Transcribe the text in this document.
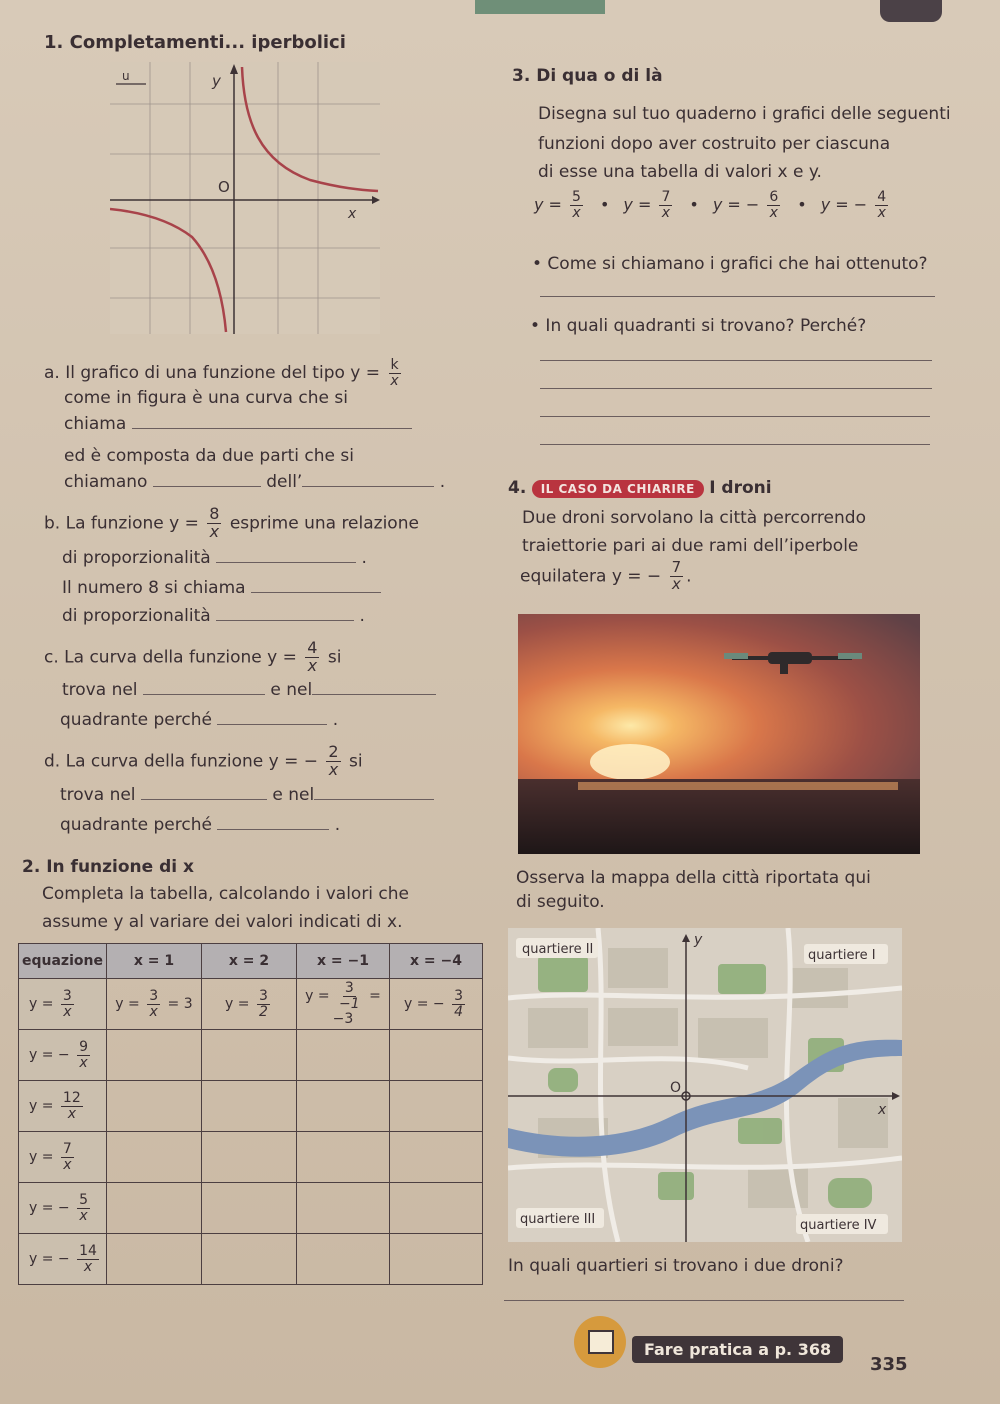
1. Completamenti... iperbolici
O
x
y
u
a. Il grafico di una funzione del tipo $y = \frac{k}{x}$
come in figura è una curva che si
chiama
ed è composta da due parti che si
chiamano	dell’	.
b. La funzione $y = \frac{8}{x}$ esprime una relazione
di proporzionalità	.
Il numero 8 si chiama
di proporzionalità	.
c. La curva della funzione $y = \frac{4}{x}$ si
trova nel	e nel
quadrante perché	.
d. La curva della funzione y = − $\frac{2}{x}$ si
trova nel	e nel
quadrante perché	.
2. In funzione di x
Completa la tabella, calcolando i valori che
assume y al variare dei valori indicati di x.
equazione	x = 1	x = 2	x = −1	x = −4
$y = \frac{3}{x}$	$y = \frac{3}{x} = 3$	$y = \frac{3}{2}$	$y = \frac{3}{-1} = -3$	y = − $\frac{3}{4}$

y = − $\frac{9}{x}$

$y = \frac{12}{x}$

$y = \frac{7}{x}$

y = − $\frac{5}{x}$

y = − $\frac{14}{x}$

3. Di qua o di là
Disegna sul tuo quaderno i grafici delle seguenti
funzioni dopo aver costruito per ciascuna
di esse una tabella di valori x e y.
$y = \frac{5}{x}$ • $y = \frac{7}{x}$ • y = − $\frac{6}{x}$ • y = − $\frac{4}{x}$
• Come si chiamano i grafici che hai ottenuto?
• In quali quadranti si trovano? Perché?
4. IL CASO DA CHIARIRE I droni
Due droni sorvolano la città percorrendo
traiettorie pari ai due rami dell’iperbole
equilatera y = − $\frac{7}{x}$ .
Osserva la mappa della città riportata qui
di seguito.
O
x
y
quartiere II	quartiere I
quartiere III	quartiere IV
In quali quartieri si trovano i due droni?
Fare pratica a p. 368
335
